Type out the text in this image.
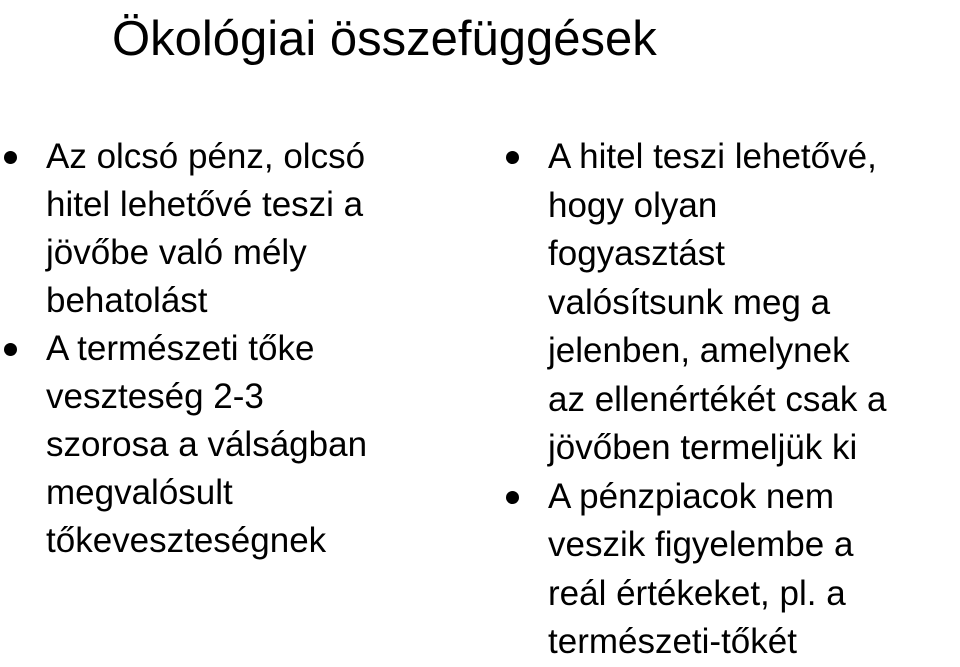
Ökológiai összefüggések
Az olcsó pénz, olcsó
hitel lehetővé teszi a
jövőbe való mély
behatolást
A természeti tőke
veszteség 2-3
szorosa a válságban
megvalósult
tőkeveszteségnek
A hitel teszi lehetővé,
hogy olyan
fogyasztást
valósítsunk meg a
jelenben, amelynek
az ellenértékét csak a
jövőben termeljük ki
A pénzpiacok nem
veszik figyelembe a
reál értékeket, pl. a
természeti-tőkét
